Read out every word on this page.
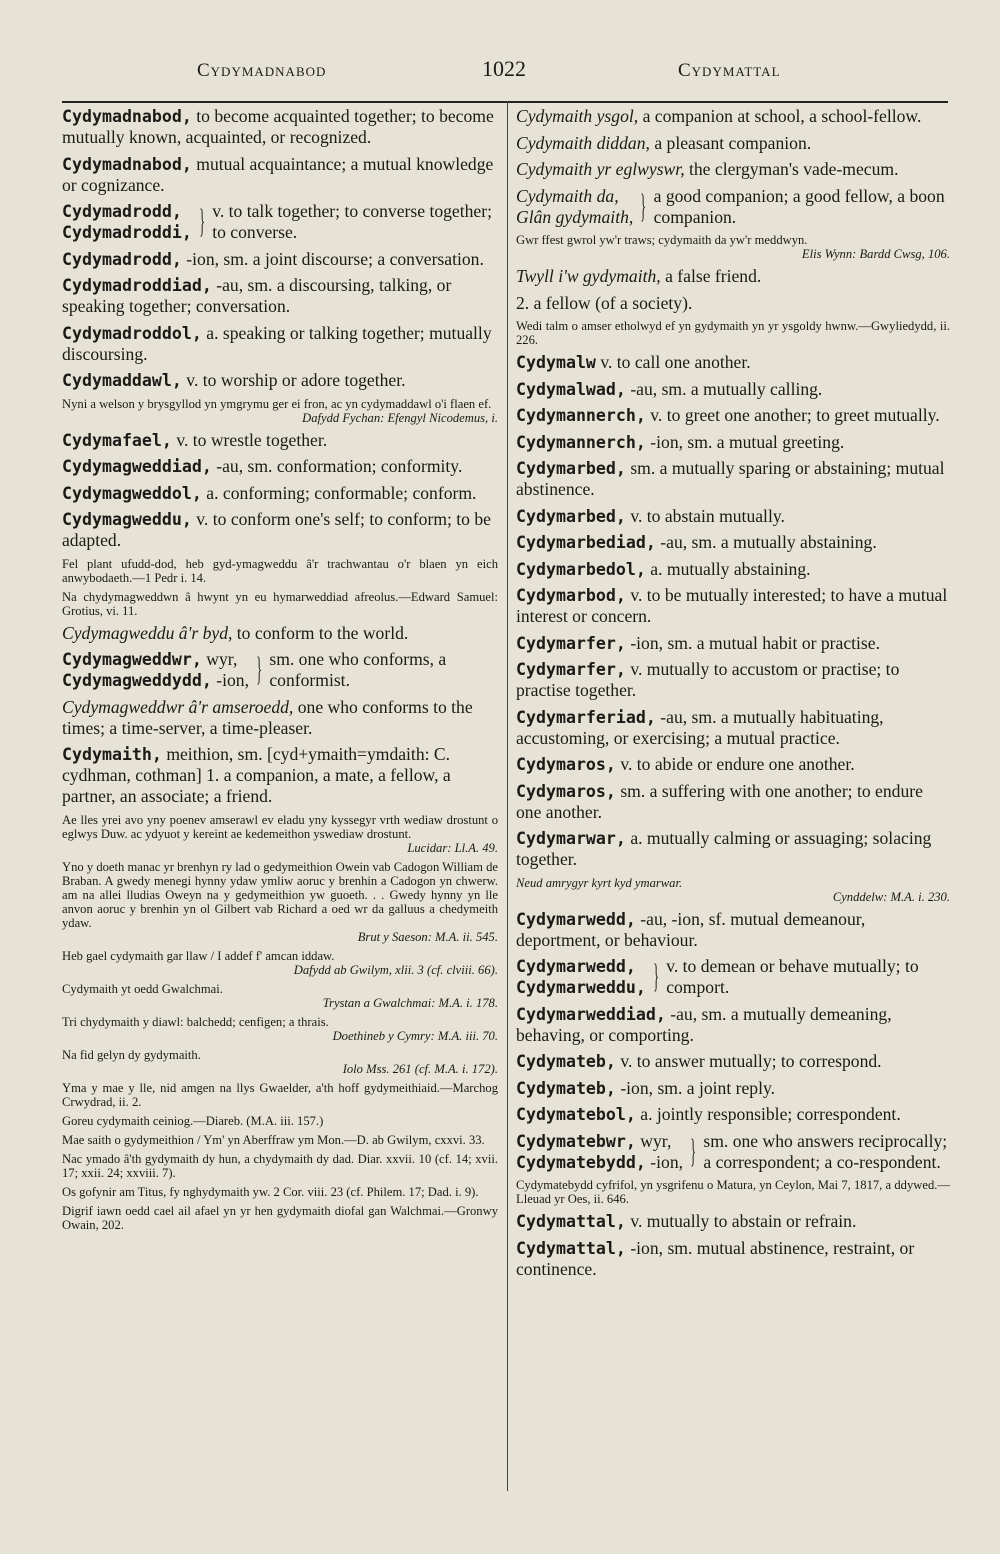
Cydymadnabod	1022	Cydymattal

Cydymadnabod, to become acquainted together; to become mutually known, acquainted, or recognized.

Cydymadnabod, mutual acquaintance; a mutual knowledge or cognizance.

Cydymadrodd,
Cydymadroddi, } v. to talk together; to converse together; to converse.

Cydymadrodd, -ion, sm. a joint discourse; a conversation.

Cydymadroddiad, -au, sm. a discoursing, talking, or speaking together; conversation.

Cydymadroddol, a. speaking or talking together; mutually discoursing.

Cydymaddawl, v. to worship or adore together.

Nyni a welson y brysgyllod yn ymgrymu ger ei fron, ac yn cydymaddawl o'i flaen ef.
Dafydd Fychan: Efengyl Nicodemus, i.

Cydymafael, v. to wrestle together.

Cydymagweddiad, -au, sm. conformation; conformity.

Cydymagweddol, a. conforming; conformable; conform.

Cydymagweddu, v. to conform one's self; to conform; to be adapted.

Fel plant ufudd-dod, heb gyd-ymagweddu â'r trachwantau o'r blaen yn eich anwybodaeth.—1 Pedr i. 14.

Na chydymagweddwn â hwynt yn eu hymarweddiad afreolus.—Edward Samuel: Grotius, vi. 11.

Cydymagweddu â'r byd, to conform to the world.

Cydymagweddwr, wyr,
Cydymagweddydd, -ion, } sm. one who conforms, a conformist.

Cydymagweddwr â'r amseroedd, one who conforms to the times; a time-server, a time-pleaser.

Cydymaith, meithion, sm. [cyd+ymaith=ymdaith: C. cydhman, cothman] 1. a companion, a mate, a fellow, a partner, an associate; a friend.

Ae lles yrei avo yny poenev amserawl ev eladu yny kyssegyr vrth wediaw drostunt o eglwys Duw. ac ydyuot y kereint ae kedemeithon yswediaw drostunt.
Lucidar: Ll.A. 49.

Yno y doeth manac yr brenhyn ry lad o gedymeithion Owein vab Cadogon William de Braban. A gwedy menegi hynny ydaw ymliw aoruc y brenhin a Cadogon yn chwerw. am na allei lludias Oweyn na y gedymeithion yw guoeth. . . Gwedy hynny yn lle anvon aoruc y brenhin yn ol Gilbert vab Richard a oed wr da galluus a chedymeith ydaw.
Brut y Saeson: M.A. ii. 545.

Heb gael cydymaith gar llaw / I addef f' amcan iddaw.
Dafydd ab Gwilym, xlii. 3 (cf. clviii. 66).

Cydymaith yt oedd Gwalchmai.
Trystan a Gwalchmai: M.A. i. 178.

Tri chydymaith y diawl: balchedd; cenfigen; a thrais.
Doethineb y Cymry: M.A. iii. 70.

Na fid gelyn dy gydymaith.
Iolo Mss. 261 (cf. M.A. i. 172).

Yma y mae y lle, nid amgen na llys Gwaelder, a'th hoff gydymeithiaid.—Marchog Crwydrad, ii. 2.

Goreu cydymaith ceiniog.—Diareb. (M.A. iii. 157.)

Mae saith o gydymeithion / Ym' yn Aberffraw ym Mon.—D. ab Gwilym, cxxvi. 33.

Nac ymado â'th gydymaith dy hun, a chydymaith dy dad. Diar. xxvii. 10 (cf. 14; xvii. 17; xxii. 24; xxviii. 7).

Os gofynir am Titus, fy nghydymaith yw. 2 Cor. viii. 23 (cf. Philem. 17; Dad. i. 9).

Digrif iawn oedd cael ail afael yn yr hen gydymaith diofal gan Walchmai.—Gronwy Owain, 202.

Cydymaith ysgol, a companion at school, a school-fellow.

Cydymaith diddan, a pleasant companion.

Cydymaith yr eglwyswr, the clergyman's vade-mecum.

Cydymaith da,
Glân gydymaith, } a good companion; a good fellow, a boon companion.

Gwr ffest gwrol yw'r traws; cydymaith da yw'r meddwyn.
Elis Wynn: Bardd Cwsg, 106.

Twyll i'w gydymaith, a false friend.

2. a fellow (of a society).

Wedi talm o amser etholwyd ef yn gydymaith yn yr ysgoldy hwnw.—Gwyliedydd, ii. 226.

Cydymalw v. to call one another.

Cydymalwad, -au, sm. a mutually calling.

Cydymannerch, v. to greet one another; to greet mutually.

Cydymannerch, -ion, sm. a mutual greeting.

Cydymarbed, sm. a mutually sparing or abstaining; mutual abstinence.

Cydymarbed, v. to abstain mutually.

Cydymarbediad, -au, sm. a mutually abstaining.

Cydymarbedol, a. mutually abstaining.

Cydymarbod, v. to be mutually interested; to have a mutual interest or concern.

Cydymarfer, -ion, sm. a mutual habit or practise.

Cydymarfer, v. mutually to accustom or practise; to practise together.

Cydymarferiad, -au, sm. a mutually habituating, accustoming, or exercising; a mutual practice.

Cydymaros, v. to abide or endure one another.

Cydymaros, sm. a suffering with one another; to endure one another.

Cydymarwar, a. mutually calming or assuaging; solacing together.

Neud amrygyr kyrt kyd ymarwar.
Cynddelw: M.A. i. 230.

Cydymarwedd, -au, -ion, sf. mutual demeanour, deportment, or behaviour.

Cydymarwedd,
Cydymarweddu, } v. to demean or behave mutually; to comport.

Cydymarweddiad, -au, sm. a mutually demeaning, behaving, or comporting.

Cydymateb, v. to answer mutually; to correspond.

Cydymateb, -ion, sm. a joint reply.

Cydymatebol, a. jointly responsible; correspondent.

Cydymatebwr, wyr,
Cydymatebydd, -ion, } sm. one who answers reciprocally; a correspondent; a co-respondent.

Cydymatebydd cyfrifol, yn ysgrifenu o Matura, yn Ceylon, Mai 7, 1817, a ddywed.—Lleuad yr Oes, ii. 646.

Cydymattal, v. mutually to abstain or refrain.

Cydymattal, -ion, sm. mutual abstinence, restraint, or continence.
